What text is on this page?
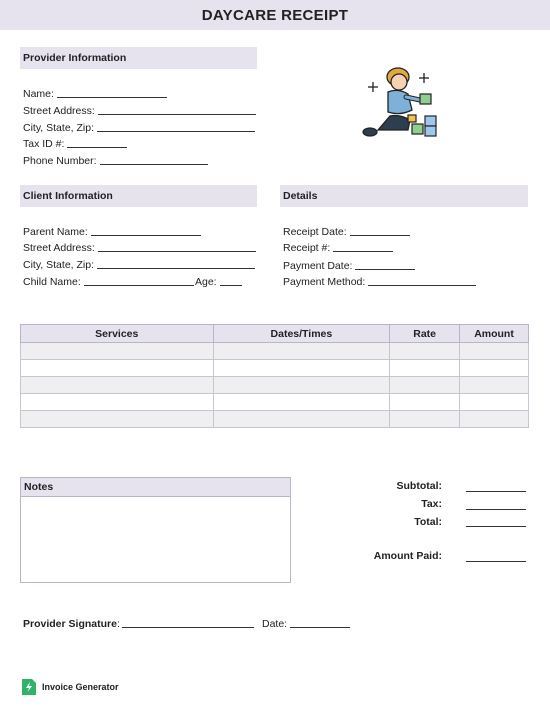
DAYCARE RECEIPT
Provider Information
Name:
Street Address:
City, State, Zip:
Tax ID #:
Phone Number:
Client Information
Parent Name:
Street Address:
City, State, Zip:
Child Name:	Age:
Details
Receipt Date:
Receipt #:
Payment Date:
Payment Method:
Services	Dates/Times	Rate	Amount

Notes	Subtotal:
Tax:
Total:
Amount Paid:
Provider Signature :	Date:
Invoice Generator
